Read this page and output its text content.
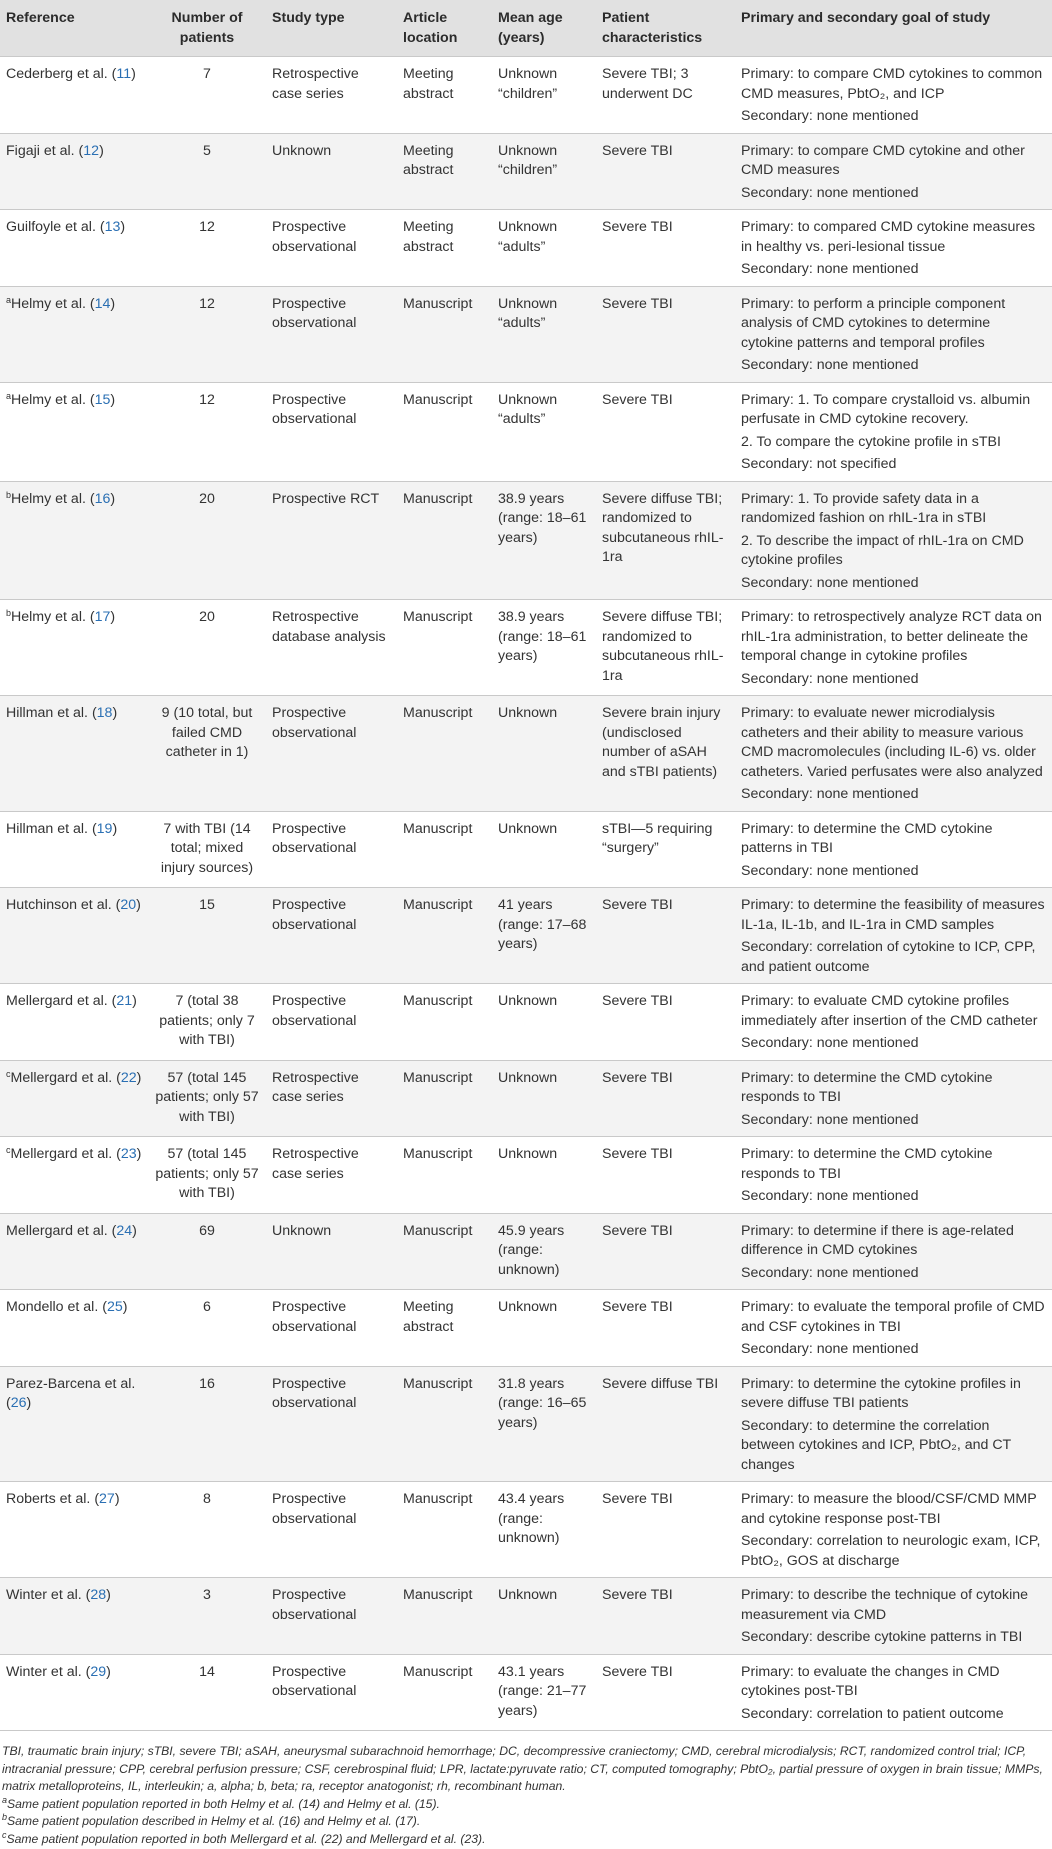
Reference	Number of patients	Study type	Article location	Mean age (years)	Patient characteristics	Primary and secondary goal of study
Cederberg et al. (11)	7	Retrospective case series	Meeting abstract	Unknown “children”	Severe TBI; 3 underwent DC	Primary: to compare CMD cytokines to common CMD measures, PbtO₂, and ICP
Secondary: none mentioned

Figaji et al. (12)	5	Unknown	Meeting abstract	Unknown “children”	Severe TBI	Primary: to compare CMD cytokine and other CMD measures
Secondary: none mentioned

Guilfoyle et al. (13)	12	Prospective observational	Meeting abstract	Unknown “adults”	Severe TBI	Primary: to compared CMD cytokine measures in healthy vs. peri-lesional tissue
Secondary: none mentioned

$^a$Helmy et al. (14)	12	Prospective observational	Manuscript	Unknown “adults”	Severe TBI	Primary: to perform a principle component analysis of CMD cytokines to determine cytokine patterns and temporal profiles
Secondary: none mentioned

$^a$Helmy et al. (15)	12	Prospective observational	Manuscript	Unknown “adults”	Severe TBI	Primary: 1. To compare crystalloid vs. albumin perfusate in CMD cytokine recovery.
2. To compare the cytokine profile in sTBI
Secondary: not specified

$^b$Helmy et al. (16)	20	Prospective RCT	Manuscript	38.9 years (range: 18–61 years)	Severe diffuse TBI; randomized to subcutaneous rhIL-1ra	Primary: 1. To provide safety data in a randomized fashion on rhIL-1ra in sTBI
2. To describe the impact of rhIL-1ra on CMD cytokine profiles
Secondary: none mentioned

$^b$Helmy et al. (17)	20	Retrospective database analysis	Manuscript	38.9 years (range: 18–61 years)	Severe diffuse TBI; randomized to subcutaneous rhIL-1ra	Primary: to retrospectively analyze RCT data on rhIL-1ra administration, to better delineate the temporal change in cytokine profiles
Secondary: none mentioned

Hillman et al. (18)	9 (10 total, but failed CMD catheter in 1)	Prospective observational	Manuscript	Unknown	Severe brain injury (undisclosed number of aSAH and sTBI patients)	Primary: to evaluate newer microdialysis catheters and their ability to measure various CMD macromolecules (including IL-6) vs. older catheters. Varied perfusates were also analyzed
Secondary: none mentioned

Hillman et al. (19)	7 with TBI (14 total; mixed injury sources)	Prospective observational	Manuscript	Unknown	sTBI—5 requiring “surgery”	Primary: to determine the CMD cytokine patterns in TBI
Secondary: none mentioned

Hutchinson et al. (20)	15	Prospective observational	Manuscript	41 years (range: 17–68 years)	Severe TBI	Primary: to determine the feasibility of measures IL-1a, IL-1b, and IL-1ra in CMD samples
Secondary: correlation of cytokine to ICP, CPP, and patient outcome

Mellergard et al. (21)	7 (total 38 patients; only 7 with TBI)	Prospective observational	Manuscript	Unknown	Severe TBI	Primary: to evaluate CMD cytokine profiles immediately after insertion of the CMD catheter
Secondary: none mentioned

$^c$Mellergard et al. (22)	57 (total 145 patients; only 57 with TBI)	Retrospective case series	Manuscript	Unknown	Severe TBI	Primary: to determine the CMD cytokine responds to TBI
Secondary: none mentioned

$^c$Mellergard et al. (23)	57 (total 145 patients; only 57 with TBI)	Retrospective case series	Manuscript	Unknown	Severe TBI	Primary: to determine the CMD cytokine responds to TBI
Secondary: none mentioned

Mellergard et al. (24)	69	Unknown	Manuscript	45.9 years (range: unknown)	Severe TBI	Primary: to determine if there is age-related difference in CMD cytokines
Secondary: none mentioned

Mondello et al. (25)	6	Prospective observational	Meeting abstract	Unknown	Severe TBI	Primary: to evaluate the temporal profile of CMD and CSF cytokines in TBI
Secondary: none mentioned

Parez-Barcena et al. (26)	16	Prospective observational	Manuscript	31.8 years (range: 16–65 years)	Severe diffuse TBI	Primary: to determine the cytokine profiles in severe diffuse TBI patients
Secondary: to determine the correlation between cytokines and ICP, PbtO₂, and CT changes

Roberts et al. (27)	8	Prospective observational	Manuscript	43.4 years (range: unknown)	Severe TBI	Primary: to measure the blood/CSF/CMD MMP and cytokine response post-TBI
Secondary: correlation to neurologic exam, ICP, PbtO₂, GOS at discharge

Winter et al. (28)	3	Prospective observational	Manuscript	Unknown	Severe TBI	Primary: to describe the technique of cytokine measurement via CMD
Secondary: describe cytokine patterns in TBI

Winter et al. (29)	14	Prospective observational	Manuscript	43.1 years (range: 21–77 years)	Severe TBI	Primary: to evaluate the changes in CMD cytokines post-TBI
Secondary: correlation to patient outcome

TBI, traumatic brain injury; sTBI, severe TBI; aSAH, aneurysmal subarachnoid hemorrhage; DC, decompressive craniectomy; CMD, cerebral microdialysis; RCT, randomized control trial; ICP, intracranial pressure; CPP, cerebral perfusion pressure; CSF, cerebrospinal fluid; LPR, lactate:pyruvate ratio; CT, computed tomography; PbtO₂, partial pressure of oxygen in brain tissue; MMPs, matrix metalloproteins, IL, interleukin; a, alpha; b, beta; ra, receptor anatogonist; rh, recombinant human.

$^a$Same patient population reported in both Helmy et al. (14) and Helmy et al. (15).

$^b$Same patient population described in Helmy et al. (16) and Helmy et al. (17).

$^c$Same patient population reported in both Mellergard et al. (22) and Mellergard et al. (23).
